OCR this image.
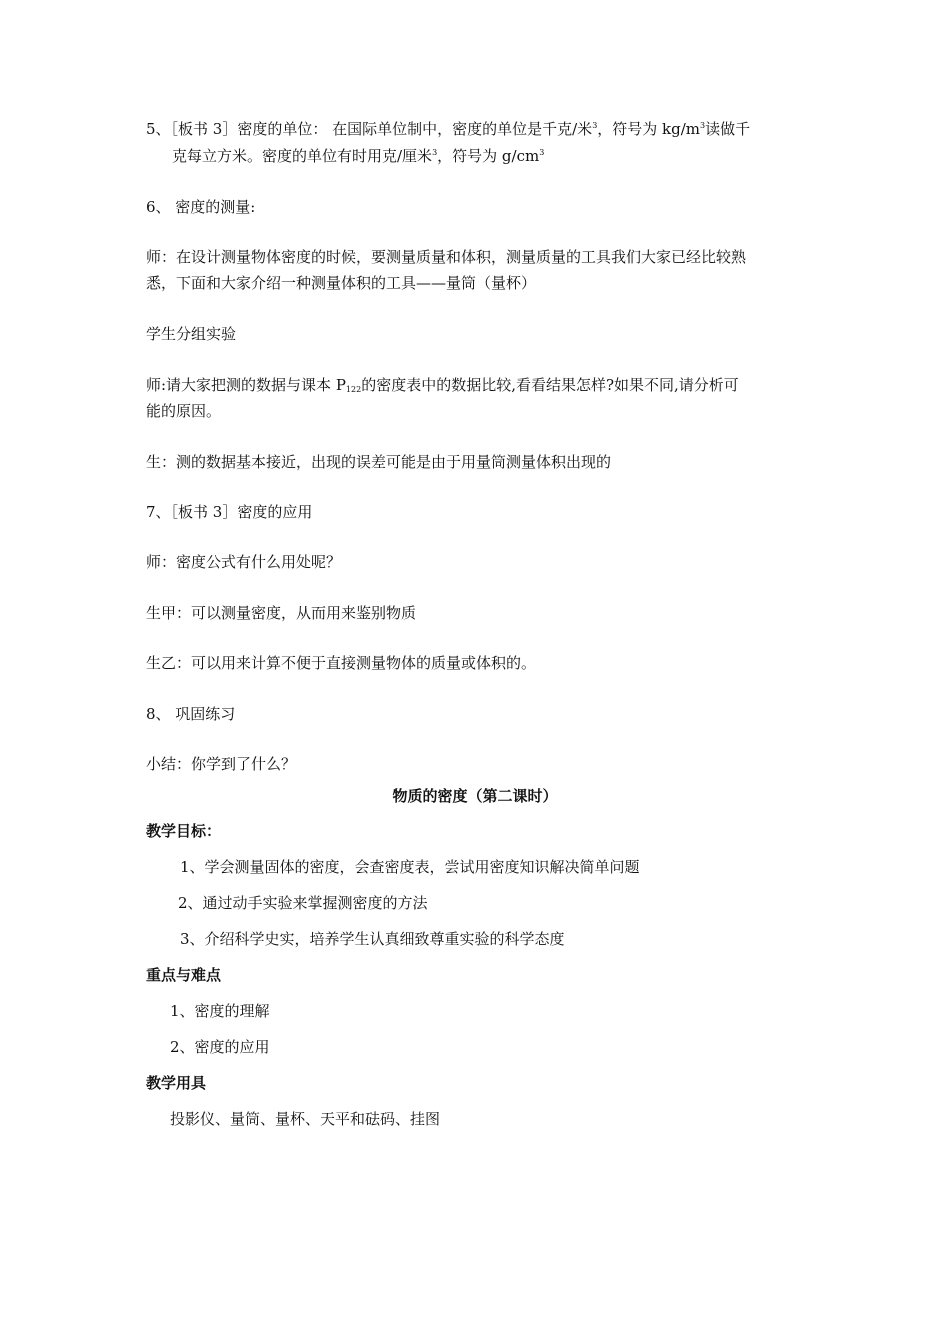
5、［板书 3］密度的单位： 在国际单位制中，密度的单位是千克/米$^3$，符号为 $kg/m^3$读做千
克每立方米。密度的单位有时用克/厘米$^3$，符号为 $g/cm^3$
6、 密度的测量:
师：在设计测量物体密度的时候，要测量质量和体积，测量质量的工具我们大家已经比较熟
悉，下面和大家介绍一种测量体积的工具——量筒（量杯）
学生分组实验
师:请大家把测的数据与课本 $P_{122}$的密度表中的数据比较,看看结果怎样?如果不同,请分析可
能的原因。
生：测的数据基本接近，出现的误差可能是由于用量筒测量体积出现的
7、［板书 3］密度的应用
师：密度公式有什么用处呢？
生甲：可以测量密度，从而用来鉴别物质
生乙：可以用来计算不便于直接测量物体的质量或体积的。
8、 巩固练习
小结：你学到了什么？
物质的密度（第二课时）
教学目标：
1、学会测量固体的密度，会查密度表，尝试用密度知识解决简单问题
2、通过动手实验来掌握测密度的方法
3、介绍科学史实，培养学生认真细致尊重实验的科学态度
重点与难点
1、密度的理解
2、密度的应用
教学用具
投影仪、量筒、量杯、天平和砝码、挂图
